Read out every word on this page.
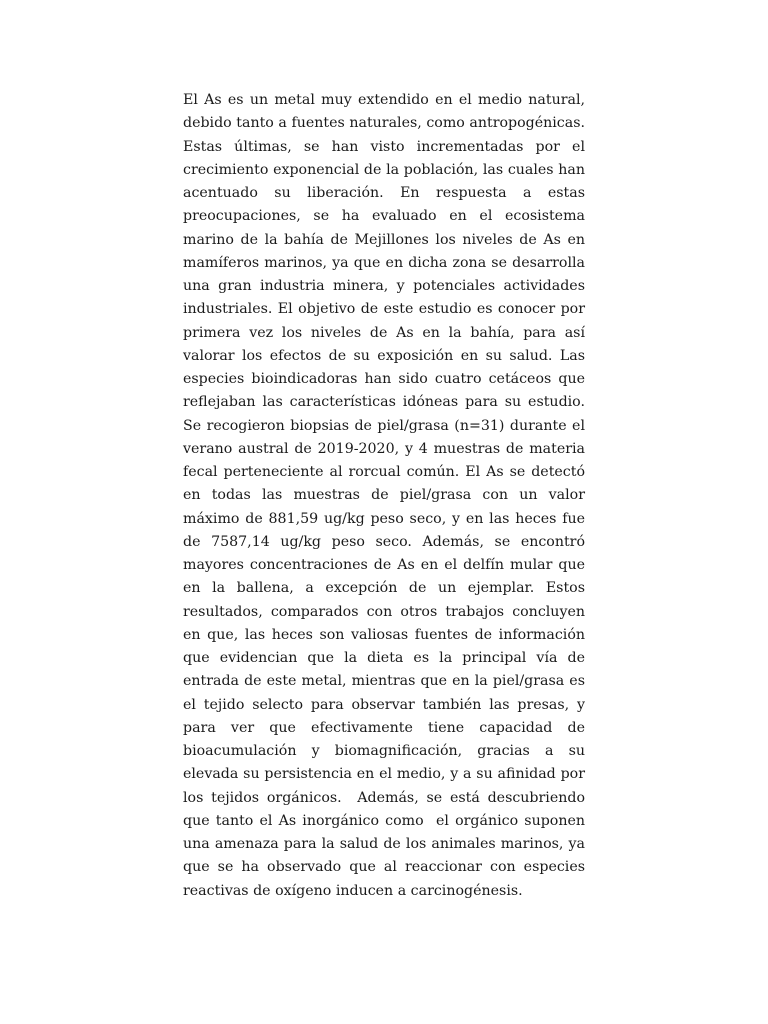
El As es un metal muy extendido en el medio natural, debido tanto a fuentes naturales, como antropogénicas. Estas últimas, se han visto incrementadas por el crecimiento exponencial de la población, las cuales han acentuado su liberación. En respuesta a estas preocupaciones, se ha evaluado en el ecosistema marino de la bahía de Mejillones los niveles de As en mamíferos marinos, ya que en dicha zona se desarrolla una gran industria minera, y potenciales actividades industriales. El objetivo de este estudio es conocer por primera vez los niveles de As en la bahía, para así valorar los efectos de su exposición en su salud. Las especies bioindicadoras han sido cuatro cetáceos que reflejaban las características idóneas para su estudio. Se recogieron biopsias de piel/grasa (n=31) durante el verano austral de 2019-2020, y 4 muestras de materia fecal perteneciente al rorcual común. El As se detectó en todas las muestras de piel/grasa con un valor máximo de 881,59 ug/kg peso seco, y en las heces fue de 7587,14 ug/kg peso seco. Además, se encontró mayores concentraciones de As en el delfín mular que en la ballena, a excepción de un ejemplar. Estos resultados, comparados con otros trabajos concluyen en que, las heces son valiosas fuentes de información que evidencian que la dieta es la principal vía de entrada de este metal, mientras que en la piel/grasa es el tejido selecto para observar también las presas, y para ver que efectivamente tiene capacidad de bioacumulación y biomagnificación, gracias a su elevada su persistencia en el medio, y a su afinidad por los tejidos orgánicos.  Además, se está descubriendo que tanto el As inorgánico como  el orgánico suponen una amenaza para la salud de los animales marinos, ya que se ha observado que al reaccionar con especies reactivas de oxígeno inducen a carcinogénesis.
